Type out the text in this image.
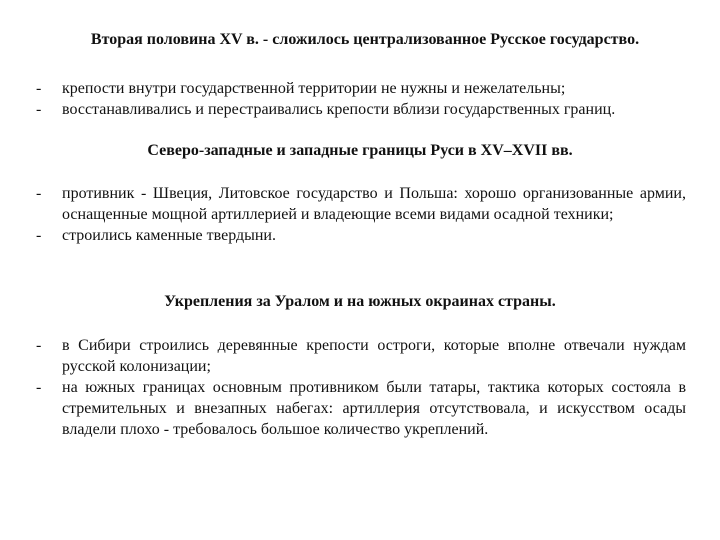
Вторая половина XV в. - сложилось централизованное Русское государство.
- крепости внутри государственной территории не нужны и нежелательны;
- восстанавливались и перестраивались крепости вблизи государственных границ.
Северо-западные и западные границы Руси в XV–XVII вв.
- противник - Швеция, Литовское государство и Польша: хорошо организованные армии, оснащенные мощной артиллерией и владеющие всеми видами осадной техники;
- строились каменные твердыни.
Укрепления за Уралом и на южных окраинах страны.
- в Сибири строились деревянные крепости остроги, которые вполне отвечали нуждам русской колонизации;
- на южных границах основным противником были татары, тактика которых состояла в стремительных и внезапных набегах: артиллерия отсутствовала, и искусством осады владели плохо - требовалось большое количество укреплений.
